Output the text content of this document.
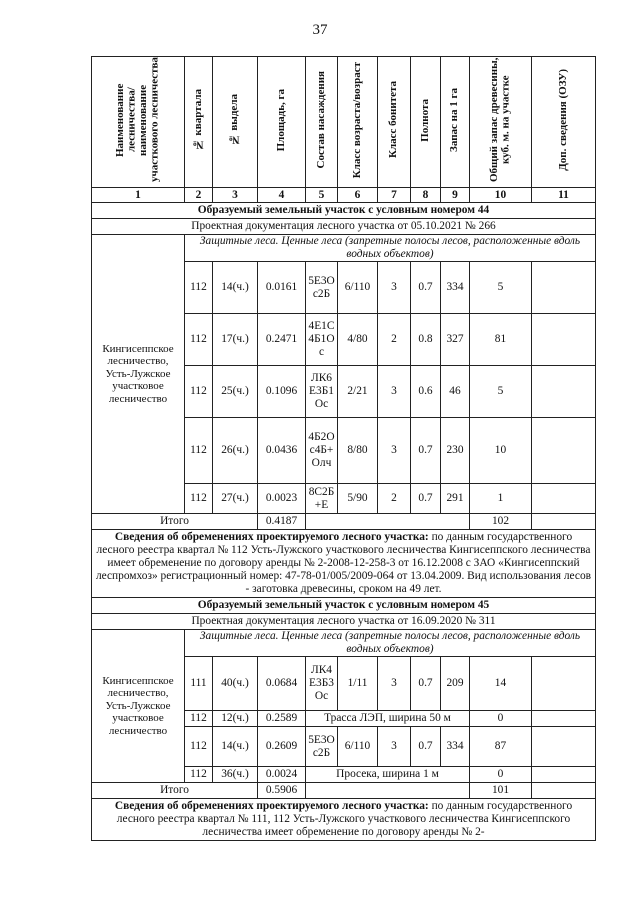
37
Наименование лесничества/ наименование участкового лесничества	№ квартала	№ выдела	Площадь, га	Состав насаждения	Класс возраста/возраст	Класс бонитета	Полнота	Запас на 1 га	Общий запас древесины, куб. м. на участке	Доп. сведения (ОЗУ)
1	2	3	4	5	6	7	8	9	10	11
Образуемый земельный участок с условным номером 44										
Проектная документация лесного участка от 05.10.2021 № 266										
Кингисеппское лесничество, Усть-Лужское участковое лесничество	Защитные леса. Ценные леса (запретные полосы лесов, расположенные вдоль водных объектов)									
	112	14(ч.)	0.0161	5Е3Ос2Б	6/110	3	0.7	334	5	
	112	17(ч.)	0.2471	4Е1С4Б1Ос	4/80	2	0.8	327	81	
	112	25(ч.)	0.1096	ЛК6Е3Б1Ос	2/21	3	0.6	46	5	
	112	26(ч.)	0.0436	4Б2Ос4Б+Олч	8/80	3	0.7	230	10	
	112	27(ч.)	0.0023	8С2Б+Е	5/90	2	0.7	291	1	
Итого			0.4187						102	
Сведения об обременениях проектируемого лесного участка: по данным государственного лесного реестра квартал № 112 Усть-Лужского участкового лесничества Кингисеппского лесничества имеет обременение по договору аренды № 2-2008-12-258-3 от 16.12.2008 с ЗАО «Кингисеппский леспромхоз» регистрационный номер: 47-78-01/005/2009-064 от 13.04.2009. Вид использования лесов - заготовка древесины, сроком на 49 лет.										
Образуемый земельный участок с условным номером 45										
Проектная документация лесного участка от 16.09.2020 № 311										
Кингисеппское лесничество, Усть-Лужское участковое лесничество	Защитные леса. Ценные леса (запретные полосы лесов, расположенные вдоль водных объектов)									
	111	40(ч.)	0.0684	ЛК4Е3Б3Ос	1/11	3	0.7	209	14	
	112	12(ч.)	0.2589	Трасса ЛЭП, ширина 50 м					0	
	112	14(ч.)	0.2609	5Е3Ос2Б	6/110	3	0.7	334	87	
	112	36(ч.)	0.0024	Просека, ширина 1 м					0	
Итого			0.5906						101	
Сведения об обременениях проектируемого лесного участка: по данным государственного лесного реестра квартал № 111, 112 Усть-Лужского участкового лесничества Кингисеппского лесничества имеет обременение по договору аренды № 2-										
